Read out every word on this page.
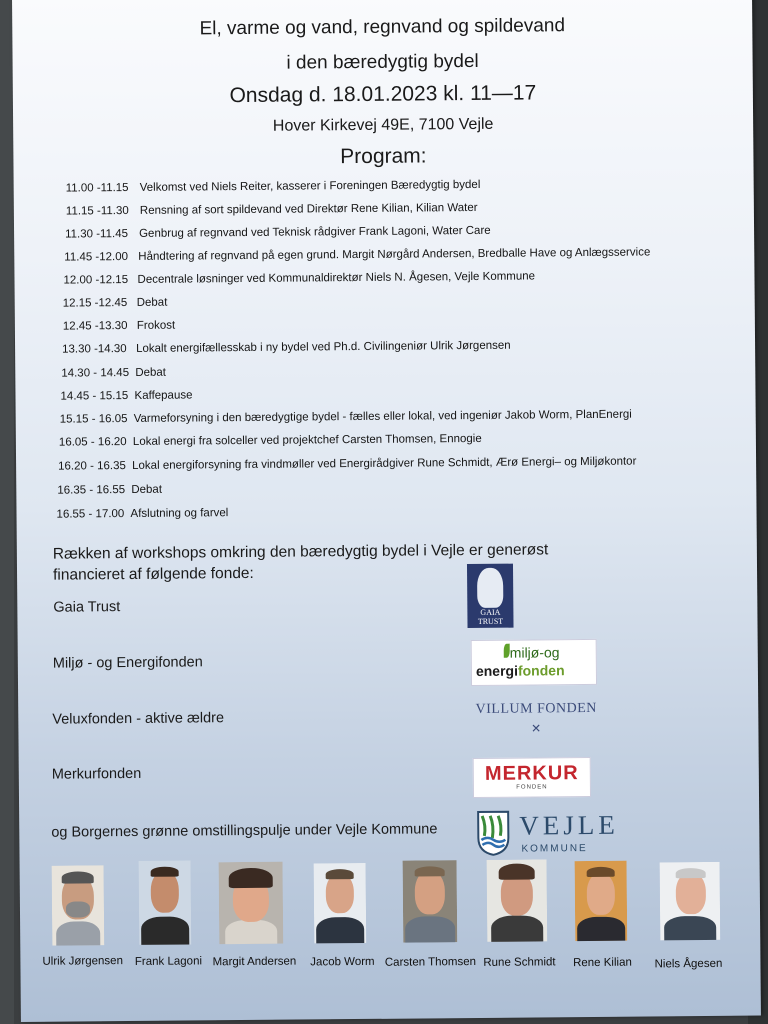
El, varme og vand, regnvand og spildevand
i den bæredygtig bydel
Onsdag d. 18.01.2023 kl. 11—17
Hover Kirkevej 49E, 7100 Vejle
Program:
11.00 -11.15 Velkomst ved Niels Reiter, kasserer i Foreningen Bæredygtig bydel
11.15 -11.30 Rensning af sort spildevand ved Direktør Rene Kilian, Kilian Water
11.30 -11.45 Genbrug af regnvand ved Teknisk rådgiver Frank Lagoni, Water Care
11.45 -12.00 Håndtering af regnvand på egen grund. Margit Nørgård Andersen, Bredballe Have og Anlægsservice
12.00 -12.15 Decentrale løsninger ved Kommunaldirektør Niels N. Ågesen, Vejle Kommune
12.15 -12.45 Debat
12.45 -13.30 Frokost
13.30 -14.30 Lokalt energifællesskab i ny bydel ved Ph.d. Civilingeniør Ulrik Jørgensen
14.30 - 14.45 Debat
14.45 - 15.15 Kaffepause
15.15 - 16.05 Varmeforsyning i den bæredygtige bydel - fælles eller lokal, ved ingeniør Jakob Worm, PlanEnergi
16.05 - 16.20 Lokal energi fra solceller ved projektchef Carsten Thomsen, Ennogie
16.20 - 16.35 Lokal energiforsyning fra vindmøller ved Energirådgiver Rune Schmidt, Ærø Energi– og Miljøkontor
16.35 - 16.55 Debat
16.55 - 17.00 Afslutning og farvel
Rækken af workshops omkring den bæredygtig bydel i Vejle er generøst
financieret af følgende fonde:
Gaia Trust
Miljø - og Energifonden
Veluxfonden - aktive ældre
Merkurfonden
og Borgernes grønne omstillingspulje under Vejle Kommune
GAIA TRUST
miljø-og
energifonden
VILLUM FONDEN
✕
MERKUR
FONDEN
VEJLE
KOMMUNE
Ulrik Jørgensen	Frank Lagoni Margit Andersen	Jacob Worm Carsten Thomsen Rune Schmidt	Rene Kilian	Niels Ågesen
